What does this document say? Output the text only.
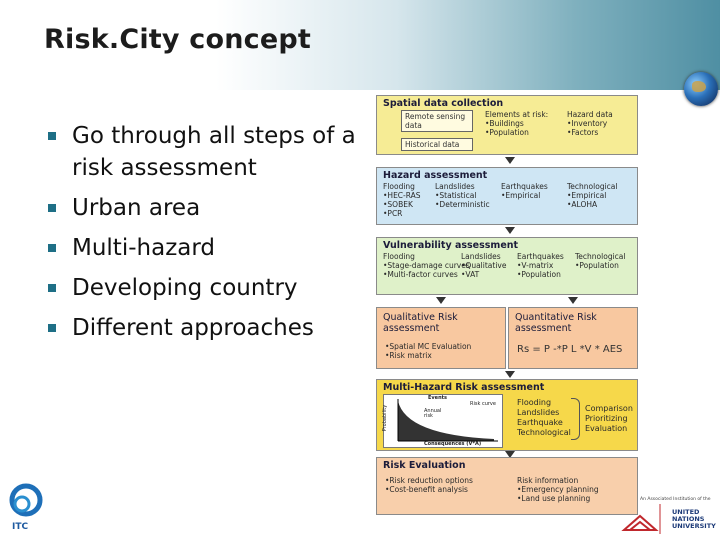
Risk.City concept
Go through all steps of a risk assessment
Urban area
Multi-hazard
Developing country
Different approaches
Spatial data collection
Remote sensing data
Historical data
Elements at risk:
•Buildings
•Population
Hazard data
•Inventory
•Factors
Hazard assessment
Flooding
•HEC-RAS
•SOBEK
•PCR
Landslides
•Statistical
•Deterministic
Earthquakes
•Empirical
Technological
•Empirical
•ALOHA
Vulnerability assessment
Flooding
•Stage-damage curves
•Multi-factor curves
Landslides
•Qualitative
•VAT
Earthquakes
•V-matrix
•Population
Technological
•Population
Qualitative Risk
assessment
•Spatial MC Evaluation
•Risk matrix
Quantitative Risk
assessment
Rs = P -*P L *V * AES
Multi-Hazard Risk assessment
Events
Annual risk
Risk curve
Probability
Consequences (V*A)
Flooding
Landslides
Earthquake
Technological
Comparison
Prioritizing
Evaluation
Risk Evaluation
•Risk reduction options
•Cost-benefit analysis
Risk information
•Emergency planning
•Land use planning
ITC
An Associated Institution of the
UNITED NATIONS
UNIVERSITY
